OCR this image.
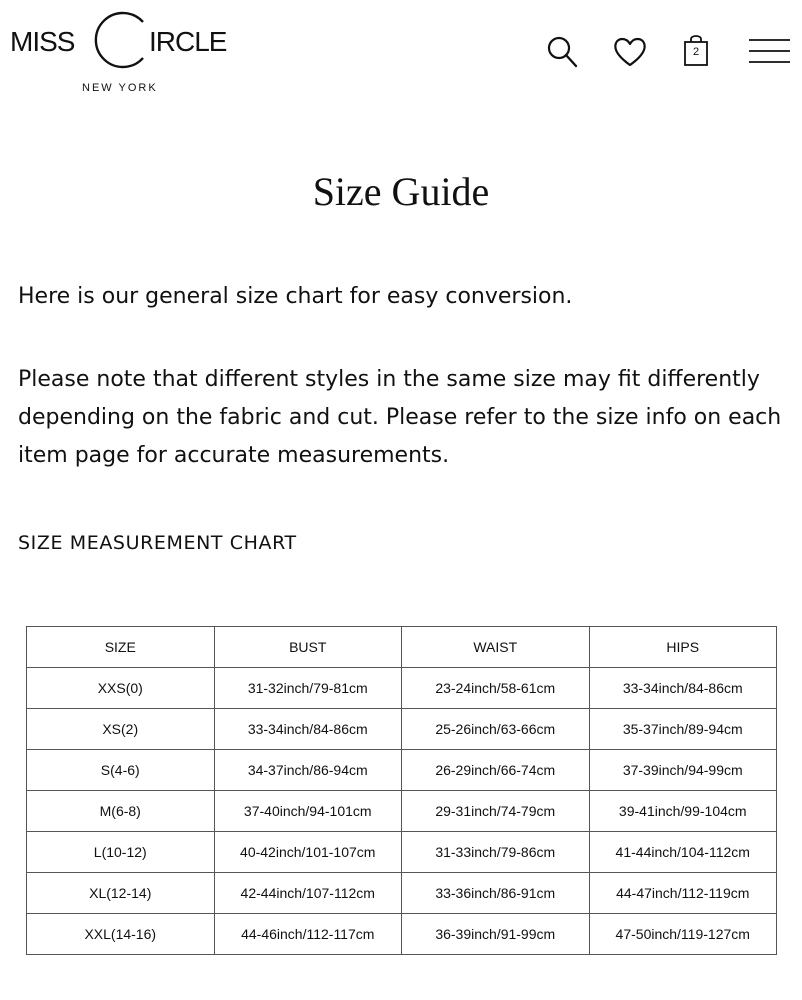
MISS	IRCLE
NEW YORK
2
Size Guide

Here is our general size chart for easy conversion.

Please note that different styles in the same size may fit differently depending on the fabric and cut. Please refer to the size info on each item page for accurate measurements.

SIZE MEASUREMENT CHART
SIZE	BUST	WAIST	HIPS
XXS(0)	31-32inch/79-81cm	23-24inch/58-61cm	33-34inch/84-86cm
XS(2)	33-34inch/84-86cm	25-26inch/63-66cm	35-37inch/89-94cm
S(4-6)	34-37inch/86-94cm	26-29inch/66-74cm	37-39inch/94-99cm
M(6-8)	37-40inch/94-101cm	29-31inch/74-79cm	39-41inch/99-104cm
L(10-12)	40-42inch/101-107cm	31-33inch/79-86cm	41-44inch/104-112cm
XL(12-14)	42-44inch/107-112cm	33-36inch/86-91cm	44-47inch/112-119cm
XXL(14-16)	44-46inch/112-117cm	36-39inch/91-99cm	47-50inch/119-127cm
